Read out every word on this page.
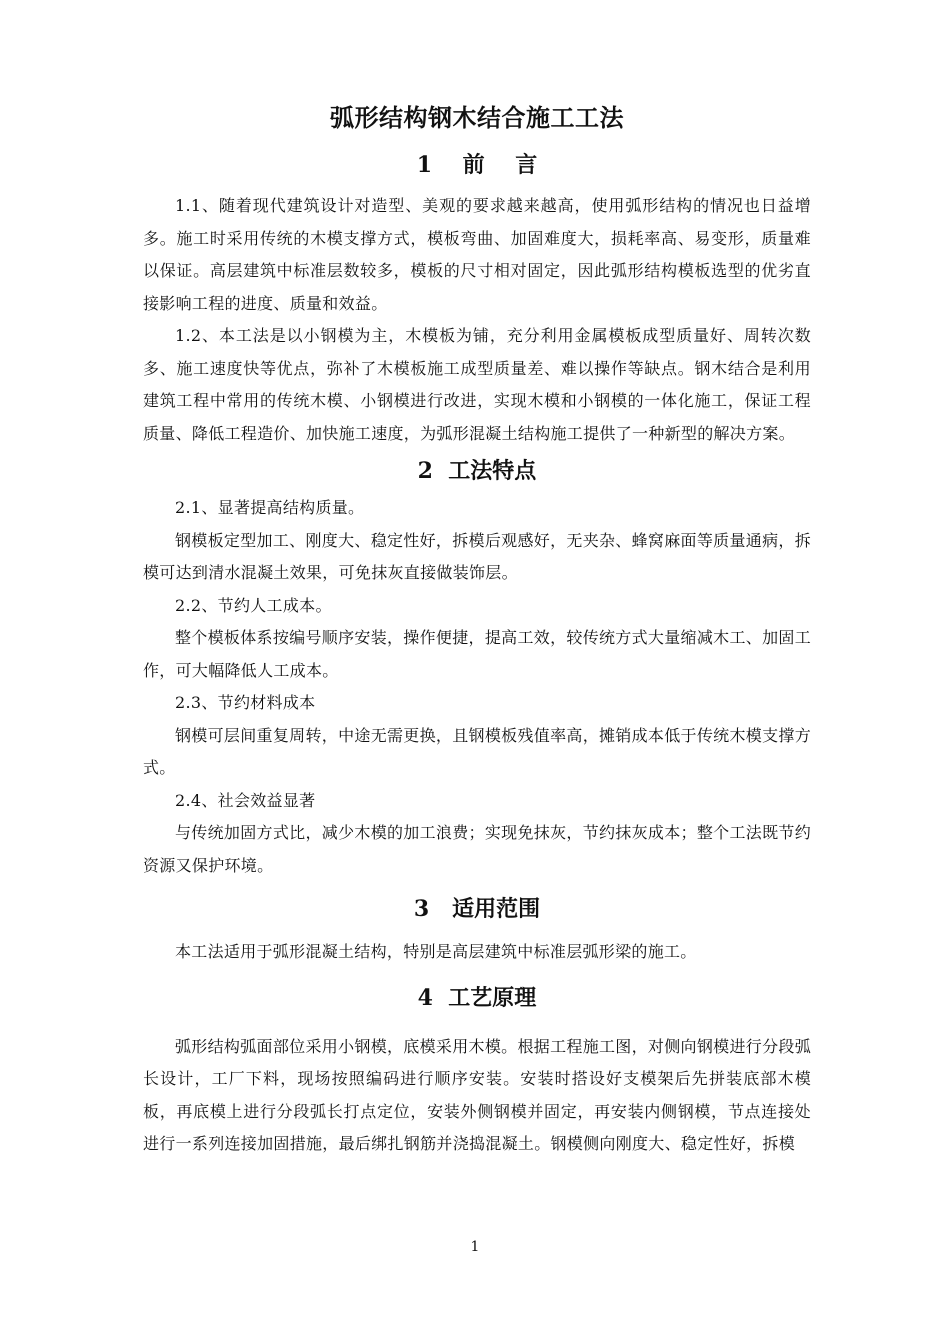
弧形结构钢木结合施工工法
1    前    言

1.1、随着现代建筑设计对造型、美观的要求越来越高，使用弧形结构的情况也日益增多。施工时采用传统的木模支撑方式，模板弯曲、加固难度大，损耗率高、易变形，质量难以保证。高层建筑中标准层数较多，模板的尺寸相对固定，因此弧形结构模板选型的优劣直接影响工程的进度、质量和效益。

1.2、本工法是以小钢模为主，木模板为铺，充分利用金属模板成型质量好、周转次数多、施工速度快等优点，弥补了木模板施工成型质量差、难以操作等缺点。钢木结合是利用建筑工程中常用的传统木模、小钢模进行改进，实现木模和小钢模的一体化施工，保证工程质量、降低工程造价、加快施工速度，为弧形混凝土结构施工提供了一种新型的解决方案。

2  工法特点

2.1、显著提高结构质量。

钢模板定型加工、刚度大、稳定性好，拆模后观感好，无夹杂、蜂窝麻面等质量通病，拆模可达到清水混凝土效果，可免抹灰直接做装饰层。

2.2、节约人工成本。

整个模板体系按编号顺序安装，操作便捷，提高工效，较传统方式大量缩减木工、加固工作，可大幅降低人工成本。

2.3、节约材料成本

钢模可层间重复周转，中途无需更换，且钢模板残值率高，摊销成本低于传统木模支撑方式。

2.4、社会效益显著

与传统加固方式比，减少木模的加工浪费；实现免抹灰，节约抹灰成本；整个工法既节约资源又保护环境。

3   适用范围

本工法适用于弧形混凝土结构，特别是高层建筑中标准层弧形梁的施工。

4  工艺原理

弧形结构弧面部位采用小钢模，底模采用木模。根据工程施工图，对侧向钢模进行分段弧长设计，工厂下料，现场按照编码进行顺序安装。安装时搭设好支模架后先拼装底部木模板，再底模上进行分段弧长打点定位，安装外侧钢模并固定，再安装内侧钢模，节点连接处进行一系列连接加固措施，最后绑扎钢筋并浇捣混凝土。钢模侧向刚度大、稳定性好，拆模

1
